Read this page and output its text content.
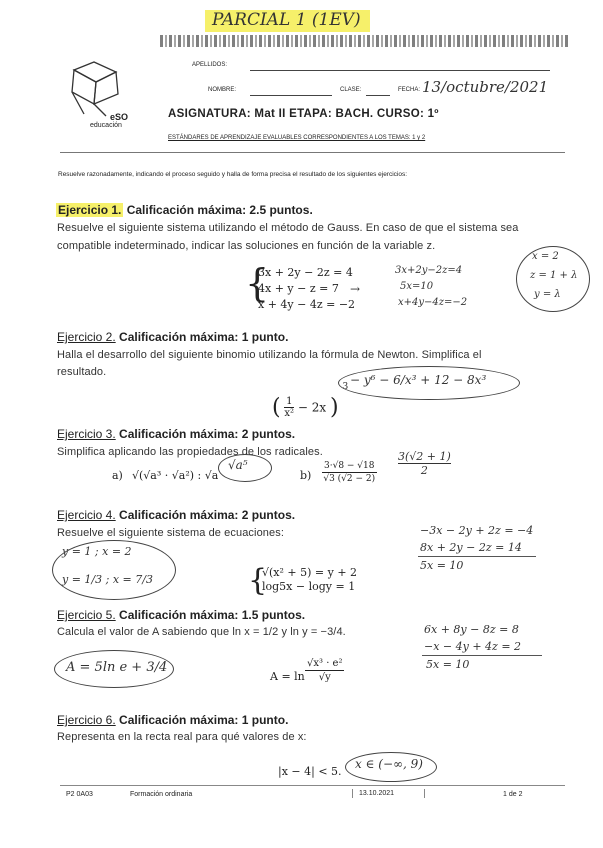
PARCIAL 1 (1EV)
eSO
educación
APELLIDOS:
NOMBRE:	CLASE:	FECHA: 13/octubre/2021
ASIGNATURA: Mat II ETAPA: BACH. CURSO: 1º
ESTÁNDARES DE APRENDIZAJE EVALUABLES CORRESPONDIENTES A LOS TEMAS: 1 y 2
Resuelve razonadamente, indicando el proceso seguido y halla de forma precisa el resultado de los siguientes ejercicios:
Ejercicio 1. Calificación máxima: 2.5 puntos.
Resuelve el siguiente sistema utilizando el método de Gauss. En caso de que el sistema sea
compatible indeterminado, indicar las soluciones en función de la variable z.
{
3x + 2y − 2z = 4
4x + y − z = 7
x + 4y − 4z = −2
→
3x+2y−2z=4
5x=10
x+4y−4z=−2
x = 2
z = 1 + λ
y = λ
Ejercicio 2. Calificación máxima: 1 punto.
Halla el desarrollo del siguiente binomio utilizando la fórmula de Newton. Simplifica el
resultado.
( $\frac{1}{\text{x²}} - 2x$ ) $^3$ − y⁶ − 6/x³ + 12 − 8x³
Ejercicio 3. Calificación máxima: 2 puntos.
Simplifica aplicando las propiedades de los radicales.
a) √(√a³ · √a²) : √a
√a⁵
$b) \frac{3\cdot√8 - √18}{√3 (√2 - 2)} \frac{3(√2 + 1)}{2}$
Ejercicio 4. Calificación máxima: 2 puntos.
Resuelve el siguiente sistema de ecuaciones:
y = 1 ; x = 2
y = 1/3 ; x = 7/3	{
√(x² + 5) = y + 2
log5x − logy = 1
−3x − 2y + 2z = −4
8x + 2y − 2z = 14
5x = 10
Ejercicio 5. Calificación máxima: 1.5 puntos.
Calcula el valor de A sabiendo que ln x = 1/2 y ln y = −3/4.
A = 5ln e + 3/4
$A = \ln \frac{\text{√x³ · e²}}{√y}$
6x + 8y − 8z = 8
−x − 4y + 4z = 2
5x = 10
Ejercicio 6. Calificación máxima: 1 punto.
Representa en la recta real para qué valores de x:
|x − 4| < 5.
x ∈ (−∞, 9)
P2 0A03	Formación ordinaria	13.10.2021	1 de 2
